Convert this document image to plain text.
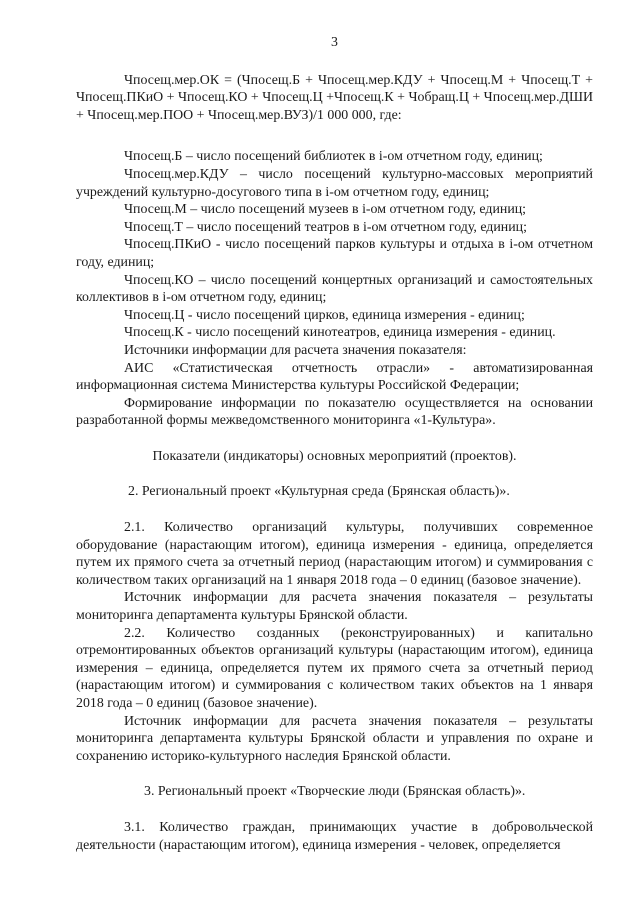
3

Чпосещ.мер.ОК = (Чпосещ.Б + Чпосещ.мер.КДУ + Чпосещ.М + Чпосещ.Т + Чпосещ.ПКиО + Чпосещ.КО + Чпосещ.Ц +Чпосещ.К + Чобращ.Ц + Чпосещ.мер.ДШИ + Чпосещ.мер.ПОО + Чпосещ.мер.ВУЗ)/1 000 000, где:

Чпосещ.Б – число посещений библиотек в i-ом отчетном году, единиц;

Чпосещ.мер.КДУ – число посещений культурно-массовых мероприятий учреждений культурно-досугового типа в i-ом отчетном году, единиц;

Чпосещ.М – число посещений музеев в i-ом отчетном году, единиц;

Чпосещ.Т – число посещений театров в i-ом отчетном году, единиц;

Чпосещ.ПКиО - число посещений парков культуры и отдыха в i-ом отчетном году, единиц;

Чпосещ.КО – число посещений концертных организаций и самостоятельных коллективов в i-ом отчетном году, единиц;

Чпосещ.Ц - число посещений цирков, единица измерения - единиц;

Чпосещ.К - число посещений кинотеатров, единица измерения - единиц.

Источники информации для расчета значения показателя:

АИС «Статистическая отчетность отрасли» - автоматизированная информационная система Министерства культуры Российской Федерации;

Формирование информации по показателю осуществляется на основании разработанной формы межведомственного мониторинга «1-Культура».

Показатели (индикаторы) основных мероприятий (проектов).

2. Региональный проект «Культурная среда (Брянская область)».

2.1. Количество организаций культуры, получивших современное оборудование (нарастающим итогом), единица измерения - единица, определяется путем их прямого счета за отчетный период (нарастающим итогом) и суммирования с количеством таких организаций на 1 января 2018 года – 0 единиц (базовое значение).

Источник информации для расчета значения показателя – результаты мониторинга департамента культуры Брянской области.

2.2. Количество созданных (реконструированных) и капитально отремонтированных объектов организаций культуры (нарастающим итогом), единица измерения – единица, определяется путем их прямого счета за отчетный период (нарастающим итогом) и суммирования с количеством таких объектов на 1 января 2018 года – 0 единиц (базовое значение).

Источник информации для расчета значения показателя – результаты мониторинга департамента культуры Брянской области и управления по охране и сохранению историко-культурного наследия Брянской области.

3. Региональный проект «Творческие люди (Брянская область)».

3.1. Количество граждан, принимающих участие в добровольческой деятельности (нарастающим итогом), единица измерения - человек, определяется
